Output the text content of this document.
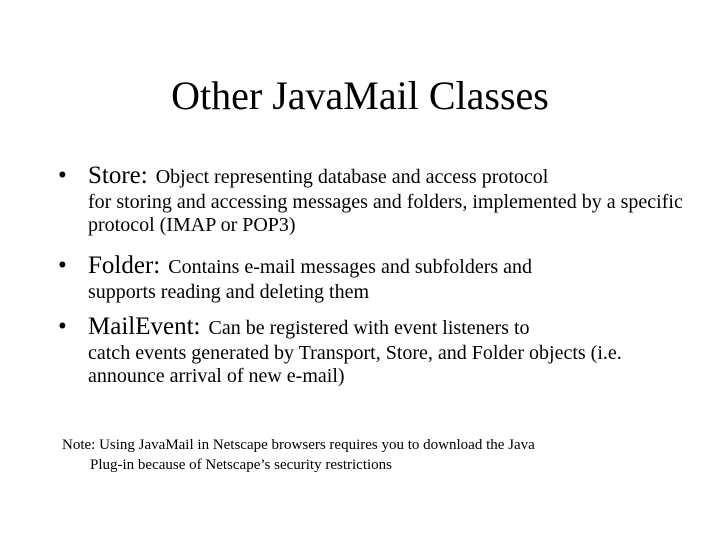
Other JavaMail Classes
• Store: Object representing database and access protocol
for storing and accessing messages and folders, implemented by a specific protocol (IMAP or POP3)
• Folder: Contains e-mail messages and subfolders and
supports reading and deleting them
• MailEvent: Can be registered with event listeners to
catch events generated by Transport, Store, and Folder objects (i.e. announce arrival of new e-mail)
Note: Using JavaMail in Netscape browsers requires you to download the Java
Plug-in because of Netscape’s security restrictions
